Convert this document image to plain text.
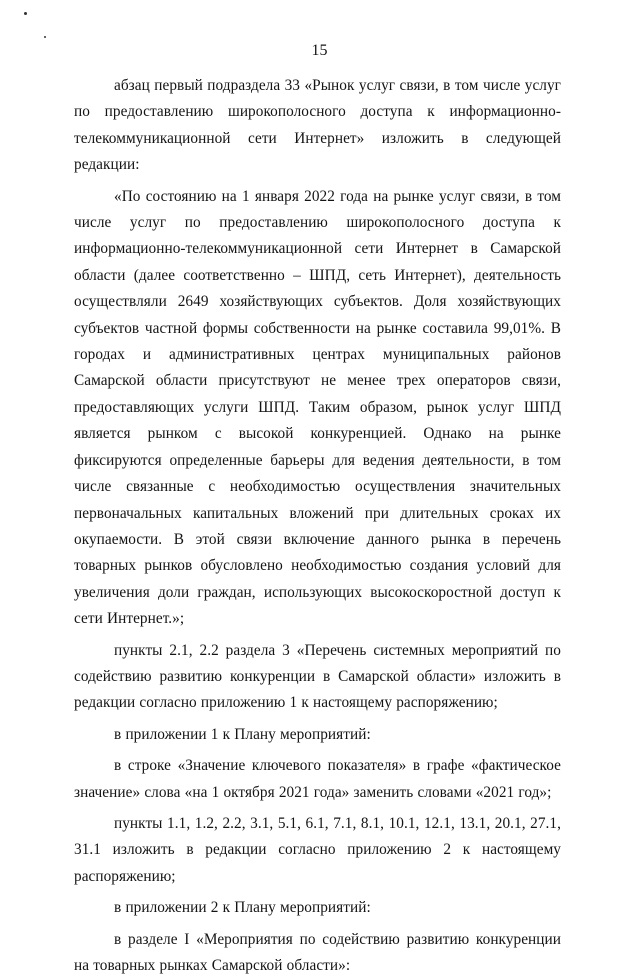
15

абзац первый подраздела 33 «Рынок услуг связи, в том числе услуг по предоставлению широкополосного доступа к информационно-телекоммуникационной сети Интернет» изложить в следующей редакции:

«По состоянию на 1 января 2022 года на рынке услуг связи, в том числе услуг по предоставлению широкополосного доступа к информационно-телекоммуникационной сети Интернет в Самарской области (далее соответственно – ШПД, сеть Интернет), деятельность осуществляли 2649 хозяйствующих субъектов. Доля хозяйствующих субъектов частной формы собственности на рынке составила 99,01%. В городах и административных центрах муниципальных районов Самарской области присутствуют не менее трех операторов связи, предоставляющих услуги ШПД. Таким образом, рынок услуг ШПД является рынком с высокой конкуренцией. Однако на рынке фиксируются определенные барьеры для ведения деятельности, в том числе связанные с необходимостью осуществления значительных первоначальных капитальных вложений при длительных сроках их окупаемости. В этой связи включение данного рынка в перечень товарных рынков обусловлено необходимостью создания условий для увеличения доли граждан, использующих высокоскоростной доступ к сети Интернет.»;

пункты 2.1, 2.2 раздела 3 «Перечень системных мероприятий по содействию развитию конкуренции в Самарской области» изложить в редакции согласно приложению 1 к настоящему распоряжению;

в приложении 1 к Плану мероприятий:

в строке «Значение ключевого показателя» в графе «фактическое значение» слова «на 1 октября 2021 года» заменить словами «2021 год»;

пункты 1.1, 1.2, 2.2, 3.1, 5.1, 6.1, 7.1, 8.1, 10.1, 12.1, 13.1, 20.1, 27.1, 31.1 изложить в редакции согласно приложению 2 к настоящему распоряжению;

в приложении 2 к Плану мероприятий:

в разделе I «Мероприятия по содействию развитию конкуренции на товарных рынках Самарской области»:
